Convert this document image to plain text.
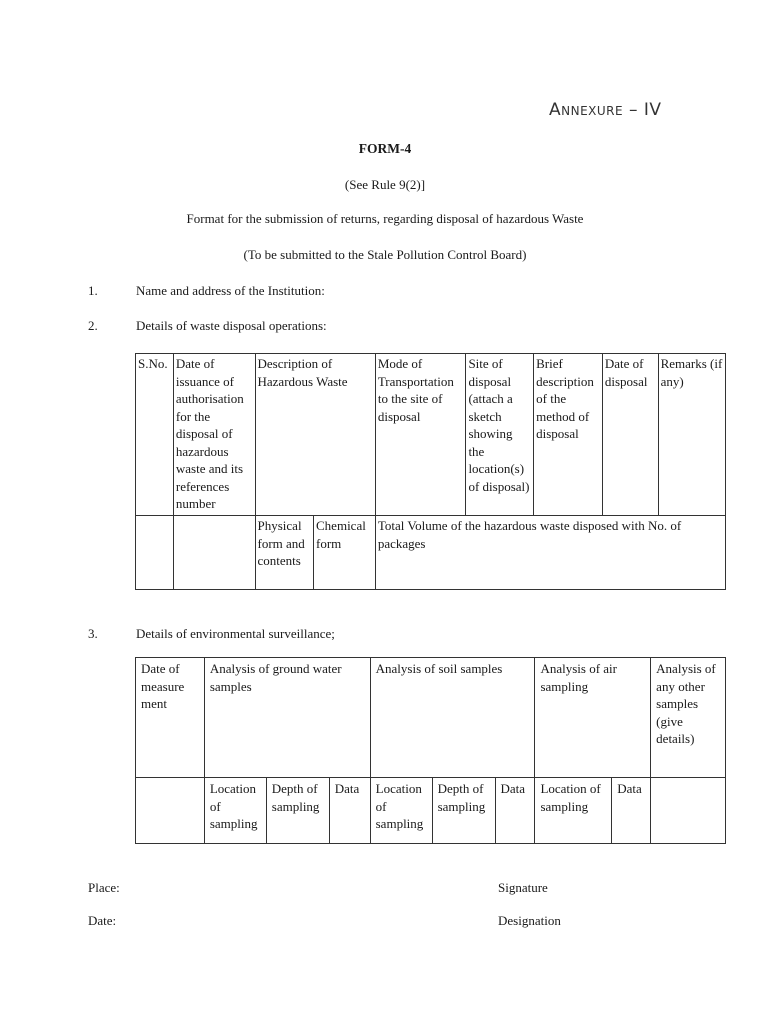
Annexure – IV
FORM-4
(See Rule 9(2)]
Format for the submission of returns, regarding disposal of hazardous Waste
(To be submitted to the Stale Pollution Control Board)
1.	Name and address of the Institution:
2.	Details of waste disposal operations:
S.No.	Date of issuance of authorisation for the disposal of hazardous waste and its references number	Description of Hazardous Waste		Mode of Transportation to the site of disposal	Site of disposal (attach a sketch showing the location(s) of disposal)	Brief description of the method of disposal	Date of disposal	Remarks (if any)
		Physical form and contents	Chemical form	Total Volume of the hazardous waste disposed with No. of packages				
3.	Details of environmental surveillance;
Date of measure ment	Analysis of ground water samples			Analysis of soil samples			Analysis of air sampling		Analysis of any other samples (give details)
	Location of sampling	Depth of sampling	Data	Location of sampling	Depth of sampling	Data	Location of sampling	Data	
Place:
Date:
Signature
Designation
